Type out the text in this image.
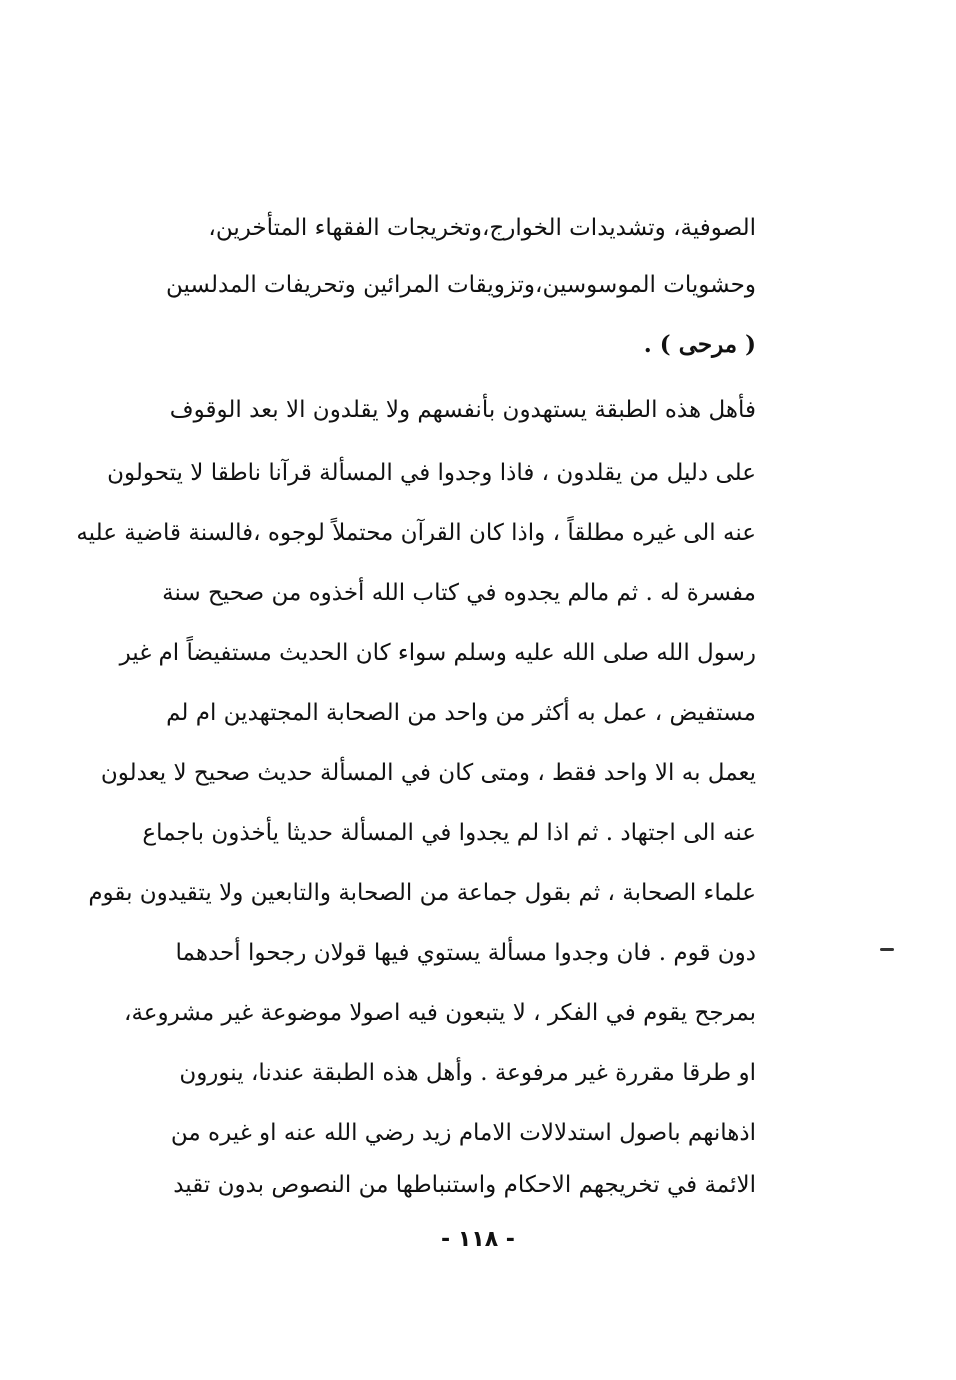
الصوفية، وتشديدات الخوارج،وتخريجات الفقهاء المتأخرين،
وحشويات الموسوسين،وتزويقات المرائين وتحريفات المدلسين
( مرحى ) .
فأهل هذه الطبقة يستهدون بأنفسهم ولا يقلدون الا بعد الوقوف
على دليل من يقلدون ، فاذا وجدوا في المسألة قرآنا ناطقا لا يتحولون
عنه الى غيره مطلقاً ، واذا كان القرآن محتملاً لوجوه ،فالسنة قاضية عليه
مفسرة له . ثم مالم يجدوه في كتاب الله أخذوه من صحيح سنة
رسول الله صلى الله عليه وسلم سواء كان الحديث مستفيضاً ام غير
مستفيض ، عمل به أكثر من واحد من الصحابة المجتهدين ام لم
يعمل به الا واحد فقط ، ومتى كان في المسألة حديث صحيح لا يعدلون
عنه الى اجتهاد . ثم اذا لم يجدوا في المسألة حديثا يأخذون باجماع
علماء الصحابة ، ثم بقول جماعة من الصحابة والتابعين ولا يتقيدون بقوم
دون قوم . فان وجدوا مسألة يستوي فيها قولان رجحوا أحدهما
بمرجح يقوم في الفكر ، لا يتبعون فيه اصولا موضوعة غير مشروعة،
او طرقا مقررة غير مرفوعة . وأهل هذه الطبقة عندنا، ينورون
اذهانهم باصول استدلالات الامام زيد رضي الله عنه او غيره من
الائمة في تخريجهم الاحكام واستنباطها من النصوص بدون تقيد
- ١١٨ -
